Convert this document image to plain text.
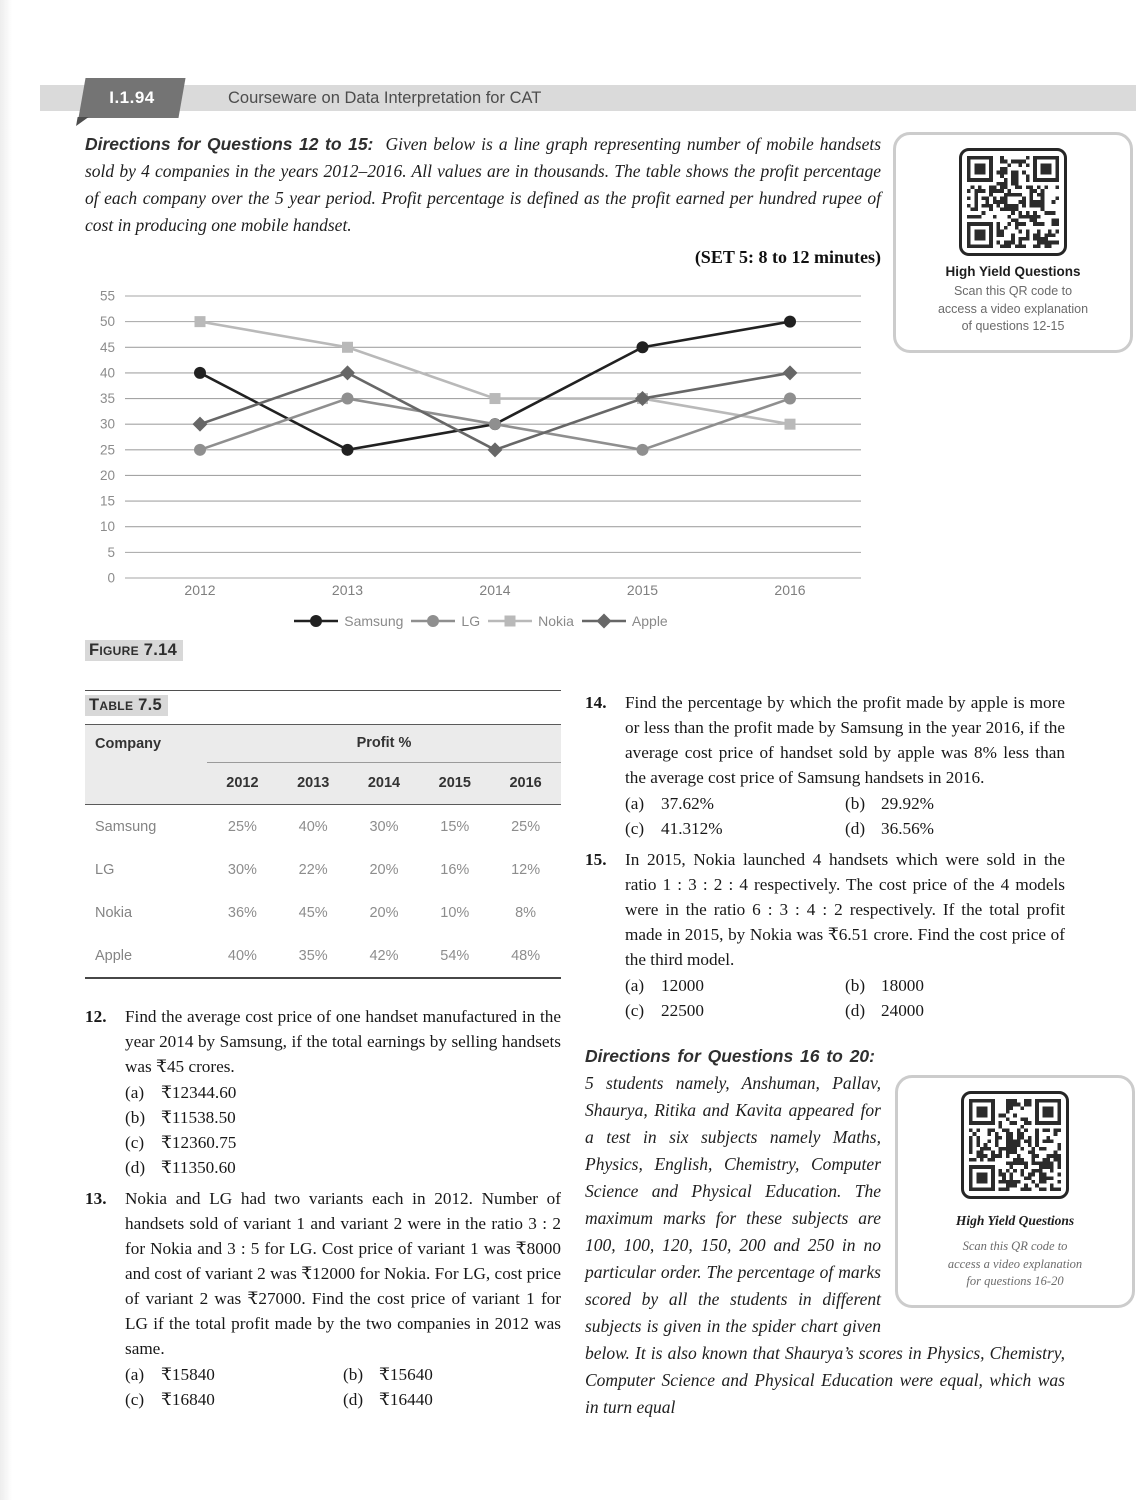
I.1.94	Courseware on Data Interpretation for CAT
Directions for Questions 12 to 15: Given below is a line graph representing number of mobile handsets sold by 4 companies in the years 2012–2016. All values are in thousands. The table shows the profit percentage of each company over the 5 year period. Profit percentage is defined as the profit earned per hundred rupee of cost in producing one mobile handset.
(SET 5: 8 to 12 minutes)
High Yield Questions
Scan this QR code to
access a video explanation
of questions 12-15
0
5
10
15
20
25
30
35
40
45
50
55
2012	2013	2014	2015	2016
Samsung	LG	Nokia	Apple
Figure 7.14
Table 7.5
Company	Profit %				
	2012	2013	2014	2015	2016
Samsung	25%	40%	30%	15%	25%
LG	30%	22%	20%	16%	12%
Nokia	36%	45%	20%	10%	8%
Apple	40%	35%	42%	54%	48%
12. Find the average cost price of one handset manufactured in the year 2014 by Samsung, if the total earnings by selling handsets was ₹45 crores.
(a) ₹12344.60
(b) ₹11538.50
(c) ₹12360.75
(d) ₹11350.60
13. Nokia and LG had two variants each in 2012. Number of handsets sold of variant 1 and variant 2 were in the ratio 3 : 2 for Nokia and 3 : 5 for LG. Cost price of variant 1 was ₹8000 and cost of variant 2 was ₹12000 for Nokia. For LG, cost price of variant 2 was ₹27000. Find the cost price of variant 1 for LG if the total profit made by the two companies in 2012 was same.
(a) ₹15840	(b) ₹15640
(c) ₹16840	(d) ₹16440
14. Find the percentage by which the profit made by apple is more or less than the profit made by Samsung in the year 2016, if the average cost price of handset sold by apple was 8% less than the average cost price of Samsung handsets in 2016.
(a) 37.62%	(b) 29.92%
(c) 41.312%	(d) 36.56%
15. In 2015, Nokia launched 4 handsets which were sold in the ratio 1 : 3 : 2 : 4 respectively. The cost price of the 4 models were in the ratio 6 : 3 : 4 : 2 respectively. If the total profit made in 2015, by Nokia was ₹6.51 crore. Find the cost price of the third model.
(a) 12000	(b) 18000
(c) 22500	(d) 24000
High Yield Questions
Scan this QR code to
access a video explanation
for questions 16-20
Directions for Questions 16 to 20: 5 students namely, Anshuman, Pallav, Shaurya, Ritika and Kavita appeared for a test in six subjects namely Maths, Physics, English, Chemistry, Computer Science and Physical Education. The maximum marks for these subjects are 100, 100, 120, 150, 200 and 250 in no particular order. The percentage of marks scored by all the students in different subjects is given in the spider chart given below. It is also known that Shaurya’s scores in Physics, Chemistry, Computer Science and Physical Education were equal, which was in turn equal
